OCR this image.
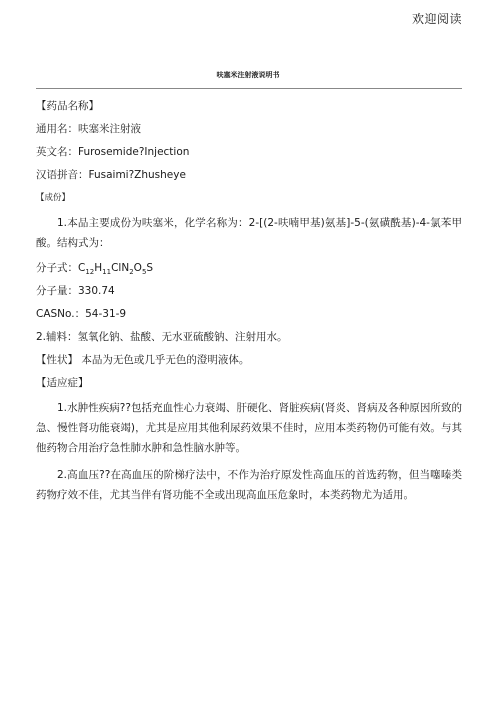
欢迎阅读
呋塞米注射液说明书
【药品名称】
通用名：呋塞米注射液
英文名：Furosemide?Injection
汉语拼音：Fusaimi?Zhusheye
【成份】
1.本品主要成份为呋塞米，化学名称为：2-[(2-呋喃甲基)氨基]-5-(氨磺酰基)-4-氯苯甲酸。结构式为：
分子式：$C_{12}H_{11}ClN_2O_5S$
分子量：330.74
CASNo.：54-31-9
2.辅料：氢氧化钠、盐酸、无水亚硫酸钠、注射用水。
【性状】 本品为无色或几乎无色的澄明液体。
【适应症】
1.水肿性疾病??包括充血性心力衰竭、肝硬化、肾脏疾病(肾炎、肾病及各种原因所致的急、慢性肾功能衰竭)，尤其是应用其他利尿药效果不佳时，应用本类药物仍可能有效。与其他药物合用治疗急性肺水肿和急性脑水肿等。
2.高血压??在高血压的阶梯疗法中，不作为治疗原发性高血压的首选药物，但当噻嗪类药物疗效不佳，尤其当伴有肾功能不全或出现高血压危象时，本类药物尤为适用。
